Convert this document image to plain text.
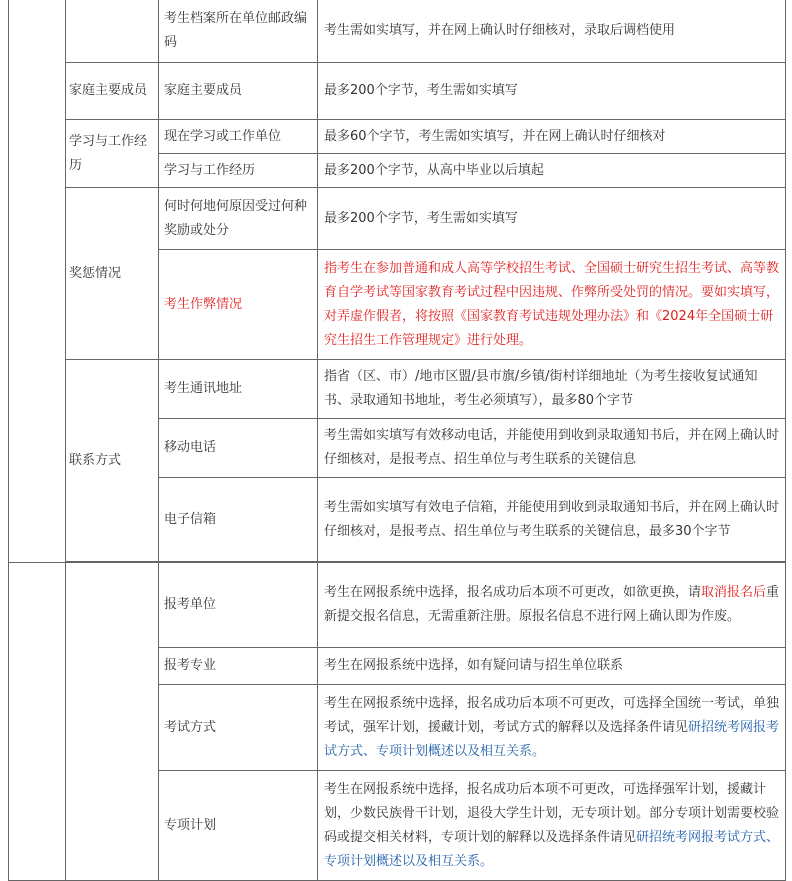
		考生档案所在单位邮政编码	考生需如实填写，并在网上确认时仔细核对，录取后调档使用
	家庭主要成员	家庭主要成员	最多200个字节，考生需如实填写
	学习与工作经历	现在学习或工作单位	最多60个字节，考生需如实填写，并在网上确认时仔细核对
		学习与工作经历	最多200个字节，从高中毕业以后填起
	奖惩情况	何时何地何原因受过何种奖励或处分	最多200个字节，考生需如实填写
		考生作弊情况	指考生在参加普通和成人高等学校招生考试、全国硕士研究生招生考试、高等教育自学考试等国家教育考试过程中因违规、作弊所受处罚的情况。要如实填写，对弄虚作假者，将按照《国家教育考试违规处理办法》和《2024年全国硕士研究生招生工作管理规定》进行处理。
	联系方式	考生通讯地址	指省（区、市）/地市区盟/县市旗/乡镇/街村详细地址（为考生接收复试通知书、录取通知书地址，考生必须填写），最多80个字节
		移动电话	考生需如实填写有效移动电话，并能使用到收到录取通知书后，并在网上确认时仔细核对，是报考点、招生单位与考生联系的关键信息
		电子信箱	考生需如实填写有效电子信箱，并能使用到收到录取通知书后，并在网上确认时仔细核对，是报考点、招生单位与考生联系的关键信息，最多30个字节

		报考单位	考生在网报系统中选择，报名成功后本项不可更改，如欲更换，请取消报名后重新提交报名信息，无需重新注册。原报名信息不进行网上确认即为作废。
		报考专业	考生在网报系统中选择，如有疑问请与招生单位联系
		考试方式	考生在网报系统中选择，报名成功后本项不可更改，可选择全国统一考试，单独考试，强军计划，援藏计划，考试方式的解释以及选择条件请见研招统考网报考试方式、专项计划概述以及相互关系。
		专项计划	考生在网报系统中选择，报名成功后本项不可更改，可选择强军计划，援藏计划，少数民族骨干计划，退役大学生计划，无专项计划。部分专项计划需要校验码或提交相关材料，专项计划的解释以及选择条件请见研招统考网报考试方式、专项计划概述以及相互关系。
